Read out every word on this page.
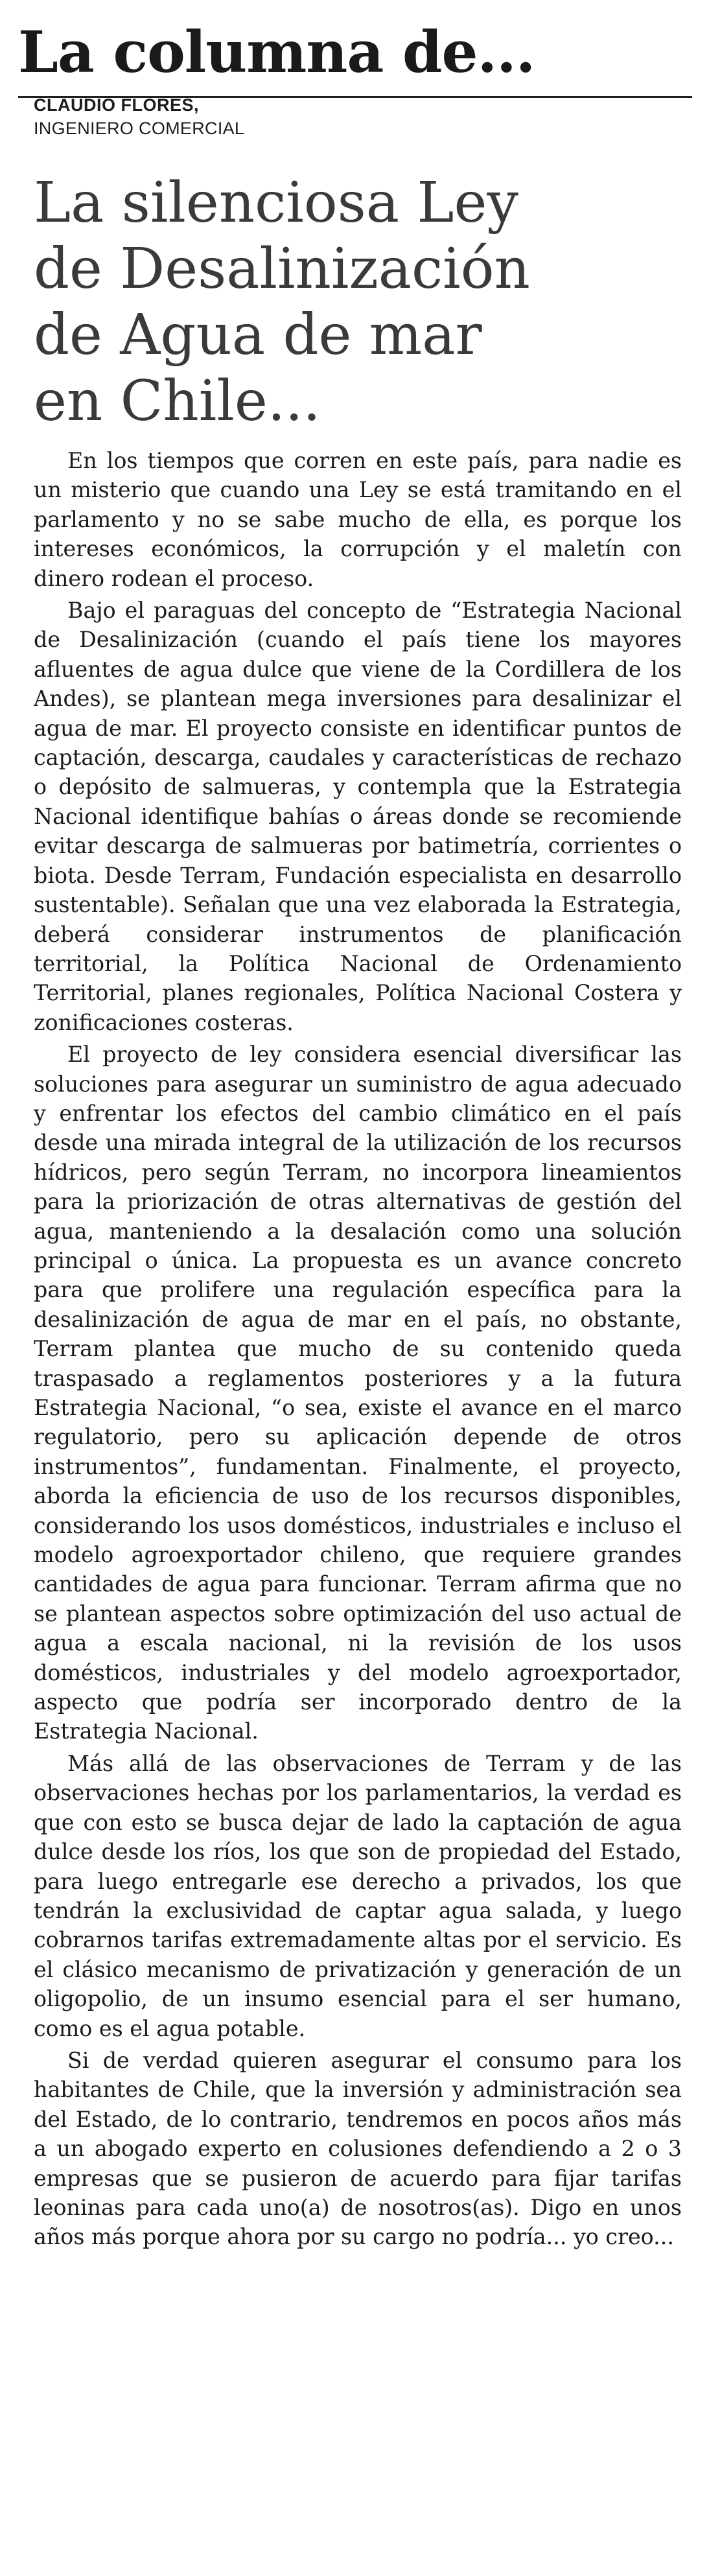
La columna de...
CLAUDIO FLORES,
INGENIERO COMERCIAL
La silenciosa Ley
de Desalinización
de Agua de mar
en Chile...

En los tiempos que corren en este país, para nadie es un misterio que cuando una Ley se está tramitando en el parlamento y no se sabe mucho de ella, es porque los intereses económicos, la corrupción y el maletín con dinero rodean el proceso.

Bajo el paraguas del concepto de “Estrategia Nacional de Desalinización (cuando el país tiene los mayores afluentes de agua dulce que viene de la Cordillera de los Andes), se plantean mega inversiones para desalinizar el agua de mar. El proyecto consiste en identificar puntos de captación, descarga, caudales y características de rechazo o depósito de salmueras, y contempla que la Estrategia Nacional identifique bahías o áreas donde se recomiende evitar descarga de salmueras por batimetría, corrientes o biota. Desde Terram, Fundación especialista en desarrollo sustentable). Señalan que una vez elaborada la Estrategia, deberá considerar instrumentos de planificación territorial, la Política Nacional de Ordenamiento Territorial, planes regionales, Política Nacional Costera y zonificaciones costeras.

El proyecto de ley considera esencial diversificar las soluciones para asegurar un suministro de agua adecuado y enfrentar los efectos del cambio climático en el país desde una mirada integral de la utilización de los recursos hídricos, pero según Terram, no incorpora lineamientos para la priorización de otras alternativas de gestión del agua, manteniendo a la desalación como una solución principal o única. La propuesta es un avance concreto para que prolifere una regulación específica para la desalinización de agua de mar en el país, no obstante, Terram plantea que mucho de su contenido queda traspasado a reglamentos posteriores y a la futura Estrategia Nacional, “o sea, existe el avance en el marco regulatorio, pero su aplicación depende de otros instrumentos”, fundamentan. Finalmente, el proyecto, aborda la eficiencia de uso de los recursos disponibles, considerando los usos domésticos, industriales e incluso el modelo agroexportador chileno, que requiere grandes cantidades de agua para funcionar. Terram afirma que no se plantean aspectos sobre optimización del uso actual de agua a escala nacional, ni la revisión de los usos domésticos, industriales y del modelo agroexportador, aspecto que podría ser incorporado dentro de la Estrategia Nacional.

Más allá de las observaciones de Terram y de las observaciones hechas por los parlamentarios, la verdad es que con esto se busca dejar de lado la captación de agua dulce desde los ríos, los que son de propiedad del Estado, para luego entregarle ese derecho a privados, los que tendrán la exclusividad de captar agua salada, y luego cobrarnos tarifas extremadamente altas por el servicio. Es el clásico mecanismo de privatización y generación de un oligopolio, de un insumo esencial para el ser humano, como es el agua potable.

Si de verdad quieren asegurar el consumo para los habitantes de Chile, que la inversión y administración sea del Estado, de lo contrario, tendremos en pocos años más a un abogado experto en colusiones defendiendo a 2 o 3 empresas que se pusieron de acuerdo para fijar tarifas leoninas para cada uno(a) de nosotros(as). Digo en unos años más porque ahora por su cargo no podría... yo creo...
